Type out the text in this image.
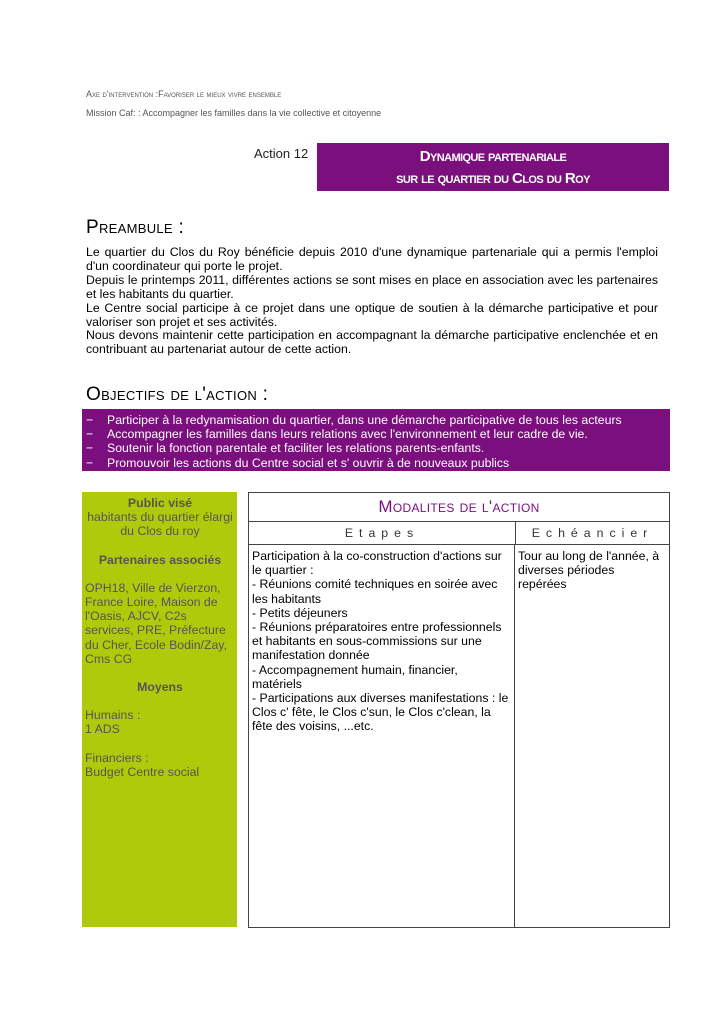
Axe d'intervention :Favoriser le mieux vivre ensemble
Mission Caf: : Accompagner les familles dans la vie collective et citoyenne
Action 12	Dynamique partenariale
sur le quartier du Clos du Roy
Preambule :
Le quartier du Clos du Roy bénéficie depuis 2010 d'une dynamique partenariale qui a permis l'emploi d'un coordinateur qui porte le projet.
Depuis le printemps 2011, différentes actions se sont mises en place en association avec les partenaires et les habitants du quartier.
Le Centre social participe à ce projet dans une optique de soutien à la démarche participative et pour valoriser son projet et ses activités.
Nous devons maintenir cette participation en accompagnant la démarche participative enclenchée et en contribuant au partenariat autour de cette action.
Objectifs de l'action :
− Participer à la redynamisation du quartier, dans une démarche participative de tous les acteurs
− Accompagner les familles dans leurs relations avec l'environnement et leur cadre de vie.
− Soutenir la fonction parentale et faciliter les relations parents-enfants.
− Promouvoir les actions du Centre social et s' ouvrir à de nouveaux publics
Public visé
habitants du quartier élargi du Clos du roy
Partenaires associés
OPH18, Ville de Vierzon, France Loire, Maison de l'Oasis, AJCV, C2s services, PRE, Préfecture du Cher, Ecole Bodin/Zay, Cms CG
Moyens
Humains :
1 ADS
Financiers :
Budget Centre social
Modalites de l'action
Etapes	Echéancier
Participation à la co-construction d'actions sur le quartier :
- Réunions comité techniques en soirée avec les habitants
- Petits déjeuners
- Réunions préparatoires entre professionnels et habitants en sous-commissions sur une manifestation donnée
- Accompagnement humain, financier, matériels
- Participations aux diverses manifestations : le Clos c' fête, le Clos c'sun, le Clos c'clean, la fête des voisins, ...etc.
Tour au long de l'année, à diverses périodes repérées
